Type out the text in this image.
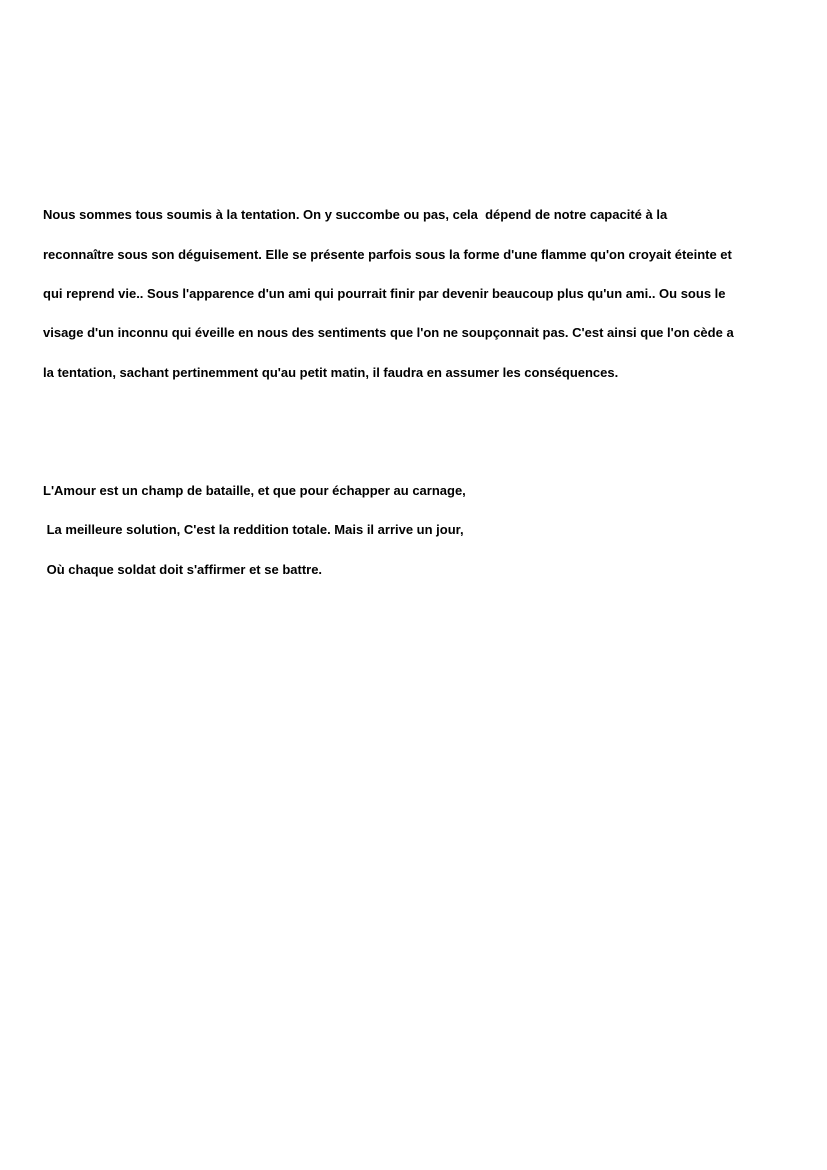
Nous sommes tous soumis à la tentation. On y succombe ou pas, cela  dépend de notre capacité à la

reconnaître sous son déguisement. Elle se présente parfois sous la forme d'une flamme qu'on croyait éteinte et

qui reprend vie.. Sous l'apparence d'un ami qui pourrait finir par devenir beaucoup plus qu'un ami.. Ou sous le

visage d'un inconnu qui éveille en nous des sentiments que l'on ne soupçonnait pas. C'est ainsi que l'on cède a

la tentation, sachant pertinemment qu'au petit matin, il faudra en assumer les conséquences.

L'Amour est un champ de bataille, et que pour échapper au carnage,

La meilleure solution, C'est la reddition totale. Mais il arrive un jour,

Où chaque soldat doit s'affirmer et se battre.
